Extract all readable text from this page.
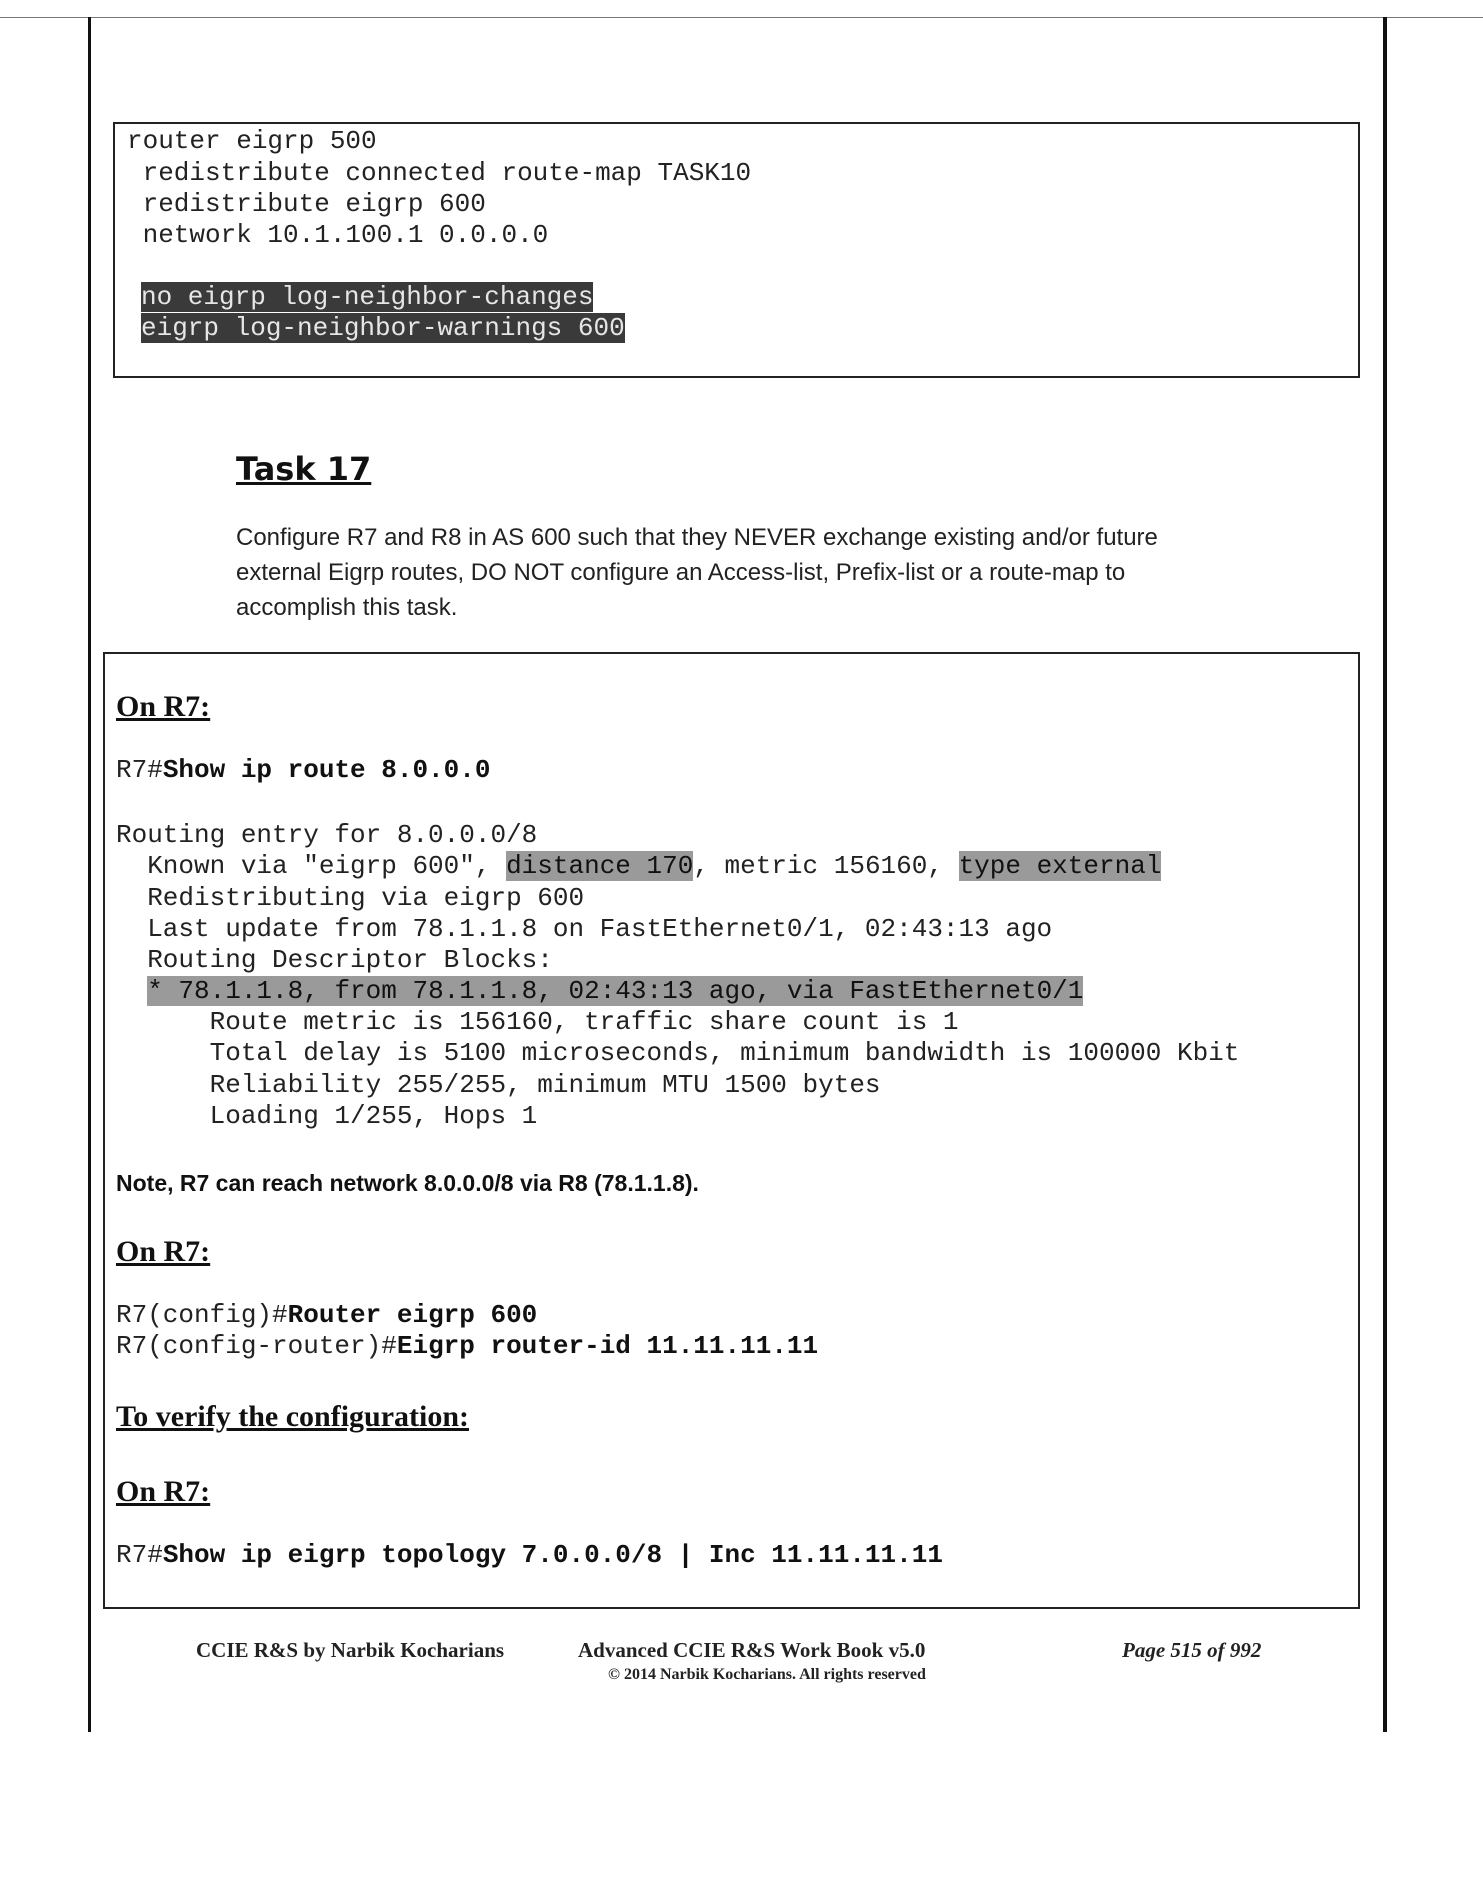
router eigrp 500
redistribute connected route-map TASK10
redistribute eigrp 600
network 10.1.100.1 0.0.0.0
no eigrp log-neighbor-changes
eigrp log-neighbor-warnings 600
Task 17
Configure R7 and R8 in AS 600 such that they NEVER exchange existing and/or future external Eigrp routes, DO NOT configure an Access-list, Prefix-list or a route-map to accomplish this task.
On R7:
R7#Show ip route 8.0.0.0
Routing entry for 8.0.0.0/8
Known via "eigrp 600", distance 170, metric 156160, type external
Redistributing via eigrp 600
Last update from 78.1.1.8 on FastEthernet0/1, 02:43:13 ago
Routing Descriptor Blocks:
* 78.1.1.8, from 78.1.1.8, 02:43:13 ago, via FastEthernet0/1
Route metric is 156160, traffic share count is 1
Total delay is 5100 microseconds, minimum bandwidth is 100000 Kbit
Reliability 255/255, minimum MTU 1500 bytes
Loading 1/255, Hops 1
Note, R7 can reach network 8.0.0.0/8 via R8 (78.1.1.8).
On R7:
R7(config)#Router eigrp 600
R7(config-router)#Eigrp router-id 11.11.11.11
To verify the configuration:
On R7:
R7#Show ip eigrp topology 7.0.0.0/8 | Inc 11.11.11.11
CCIE R&S by Narbik Kocharians	Advanced CCIE R&S Work Book v5.0
© 2014 Narbik Kocharians. All rights reserved
Page 515 of 992
